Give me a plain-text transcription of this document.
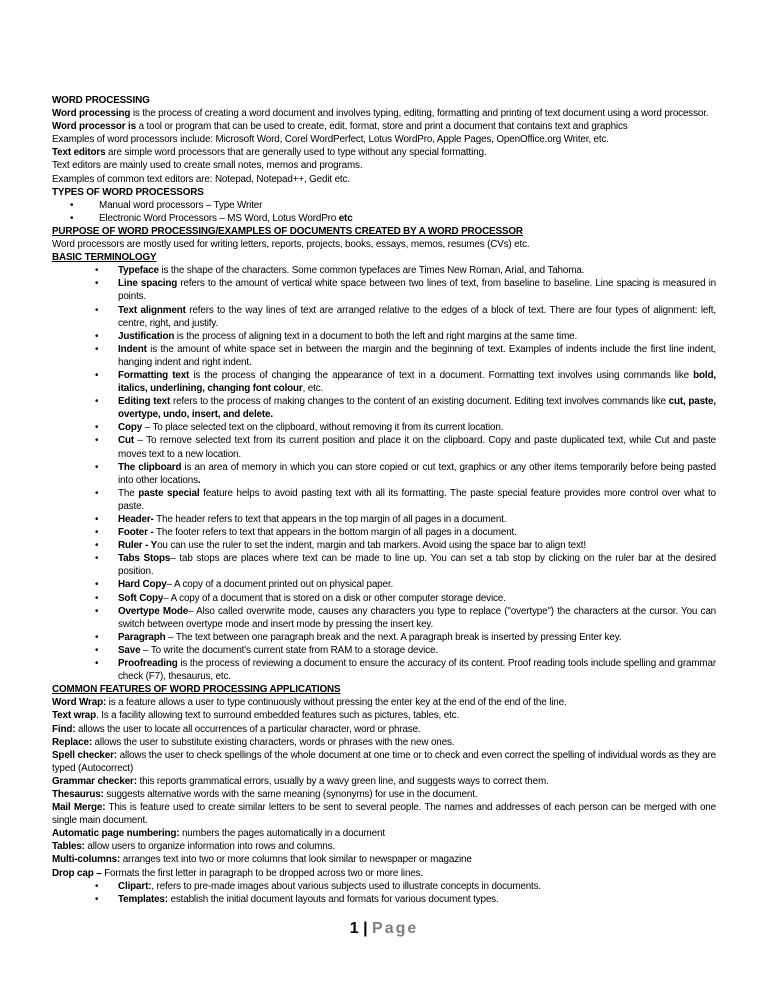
WORD PROCESSING
Word processing is the process of creating a word document and involves typing, editing, formatting and printing of text document using a word processor.
Word processor is a tool or program that can be used to create, edit, format, store and print a document that contains text and graphics
Examples of word processors include: Microsoft Word, Corel WordPerfect, Lotus WordPro, Apple Pages, OpenOffice.org Writer, etc.
Text editors are simple word processors that are generally used to type without any special formatting.
Text editors are mainly used to create small notes, memos and programs.
Examples of common text editors are: Notepad, Notepad++, Gedit etc.
TYPES OF WORD PROCESSORS
• Manual word processors – Type Writer
• Electronic Word Processors – MS Word, Lotus WordPro etc
PURPOSE OF WORD PROCESSING/EXAMPLES OF DOCUMENTS CREATED BY A WORD PROCESSOR
Word processors are mostly used for writing letters, reports, projects, books, essays, memos, resumes (CVs) etc.
BASIC TERMINOLOGY
• Typeface is the shape of the characters. Some common typefaces are Times New Roman, Arial, and Tahoma.
• Line spacing refers to the amount of vertical white space between two lines of text, from baseline to baseline. Line spacing is measured in points.
• Text alignment refers to the way lines of text are arranged relative to the edges of a block of text. There are four types of alignment: left, centre, right, and justify.
• Justification is the process of aligning text in a document to both the left and right margins at the same time.
• Indent is the amount of white space set in between the margin and the beginning of text. Examples of indents include the first line indent, hanging indent and right indent.
• Formatting text is the process of changing the appearance of text in a document. Formatting text involves using commands like bold, italics, underlining, changing font colour, etc.
• Editing text refers to the process of making changes to the content of an existing document. Editing text involves commands like cut, paste, overtype, undo, insert, and delete.
• Copy – To place selected text on the clipboard, without removing it from its current location.
• Cut – To remove selected text from its current position and place it on the clipboard. Copy and paste duplicated text, while Cut and paste moves text to a new location.
• The clipboard is an area of memory in which you can store copied or cut text, graphics or any other items temporarily before being pasted into other locations.
• The paste special feature helps to avoid pasting text with all its formatting. The paste special feature provides more control over what to paste.
• Header- The header refers to text that appears in the top margin of all pages in a document.
• Footer - The footer refers to text that appears in the bottom margin of all pages in a document.
• Ruler - You can use the ruler to set the indent, margin and tab markers. Avoid using the space bar to align text!
• Tabs Stops– tab stops are places where text can be made to line up. You can set a tab stop by clicking on the ruler bar at the desired position.
• Hard Copy– A copy of a document printed out on physical paper.
• Soft Copy– A copy of a document that is stored on a disk or other computer storage device.
• Overtype Mode– Also called overwrite mode, causes any characters you type to replace ("overtype") the characters at the cursor. You can switch between overtype mode and insert mode by pressing the insert key.
• Paragraph – The text between one paragraph break and the next. A paragraph break is inserted by pressing Enter key.
• Save – To write the document's current state from RAM to a storage device.
• Proofreading is the process of reviewing a document to ensure the accuracy of its content. Proof reading tools include spelling and grammar check (F7), thesaurus, etc.
COMMON FEATURES OF WORD PROCESSING APPLICATIONS
Word Wrap: is a feature allows a user to type continuously without pressing the enter key at the end of the end of the line.
Text wrap. Is a facility allowing text to surround embedded features such as pictures, tables, etc.
Find: allows the user to locate all occurrences of a particular character, word or phrase.
Replace: allows the user to substitute existing characters, words or phrases with the new ones.
Spell checker: allows the user to check spellings of the whole document at one time or to check and even correct the spelling of individual words as they are typed (Autocorrect)
Grammar checker: this reports grammatical errors, usually by a wavy green line, and suggests ways to correct them.
Thesaurus: suggests alternative words with the same meaning (synonyms) for use in the document.
Mail Merge: This is feature used to create similar letters to be sent to several people. The names and addresses of each person can be merged with one single main document.
Automatic page numbering: numbers the pages automatically in a document
Tables: allow users to organize information into rows and columns.
Multi-columns: arranges text into two or more columns that look similar to newspaper or magazine
Drop cap – Formats the first letter in paragraph to be dropped across two or more lines.
• Clipart:, refers to pre-made images about various subjects used to illustrate concepts in documents.
• Templates: establish the initial document layouts and formats for various document types.
1 | Page
